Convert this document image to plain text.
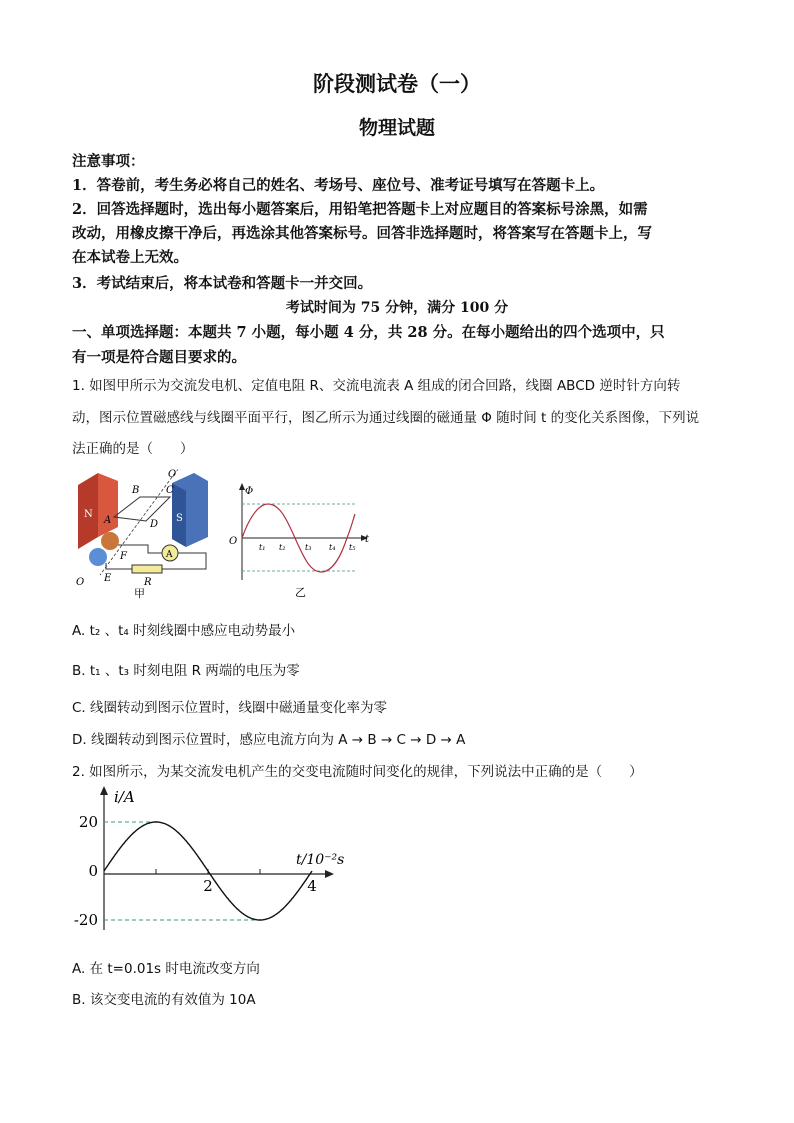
阶段测试卷（一）
物理试题
注意事项：
1．答卷前，考生务必将自己的姓名、考场号、座位号、准考证号填写在答题卡上。
2．回答选择题时，选出每小题答案后，用铅笔把答题卡上对应题目的答案标号涂黑，如需
改动，用橡皮擦干净后，再选涂其他答案标号。回答非选择题时，将答案写在答题卡上，写
在本试卷上无效。
3．考试结束后，将本试卷和答题卡一并交回。
考试时间为 75 分钟，满分 100 分
一、单项选择题：本题共 7 小题，每小题 4 分，共 28 分。在每小题给出的四个选项中，只
有一项是符合题目要求的。
1. 如图甲所示为交流发电机、定值电阻 R、交流电流表 A 组成的闭合回路，线圈 ABCD 逆时针方向转
动，图示位置磁感线与线圈平面平行，图乙所示为通过线圈的磁通量 Φ 随时间 t 的变化关系图像，下列说
法正确的是（　　）
N	S
B	C
D
A
O′
A
F
E	R
O
甲
Φ
O	t
t₁ t₂ t₃ t₄ t₅
乙
A. t₂ 、t₄ 时刻线圈中感应电动势最小
B. t₁ 、t₃ 时刻电阻 R 两端的电压为零
C. 线圈转动到图示位置时，线圈中磁通量变化率为零
D. 线圈转动到图示位置时，感应电流方向为 A → B → C → D → A
2. 如图所示，为某交流发电机产生的交变电流随时间变化的规律，下列说法中正确的是（　　）
i/A
t/10⁻²s
20
0
-20
2	4
A. 在 t=0.01s 时电流改变方向
B. 该交变电流的有效值为 10A
